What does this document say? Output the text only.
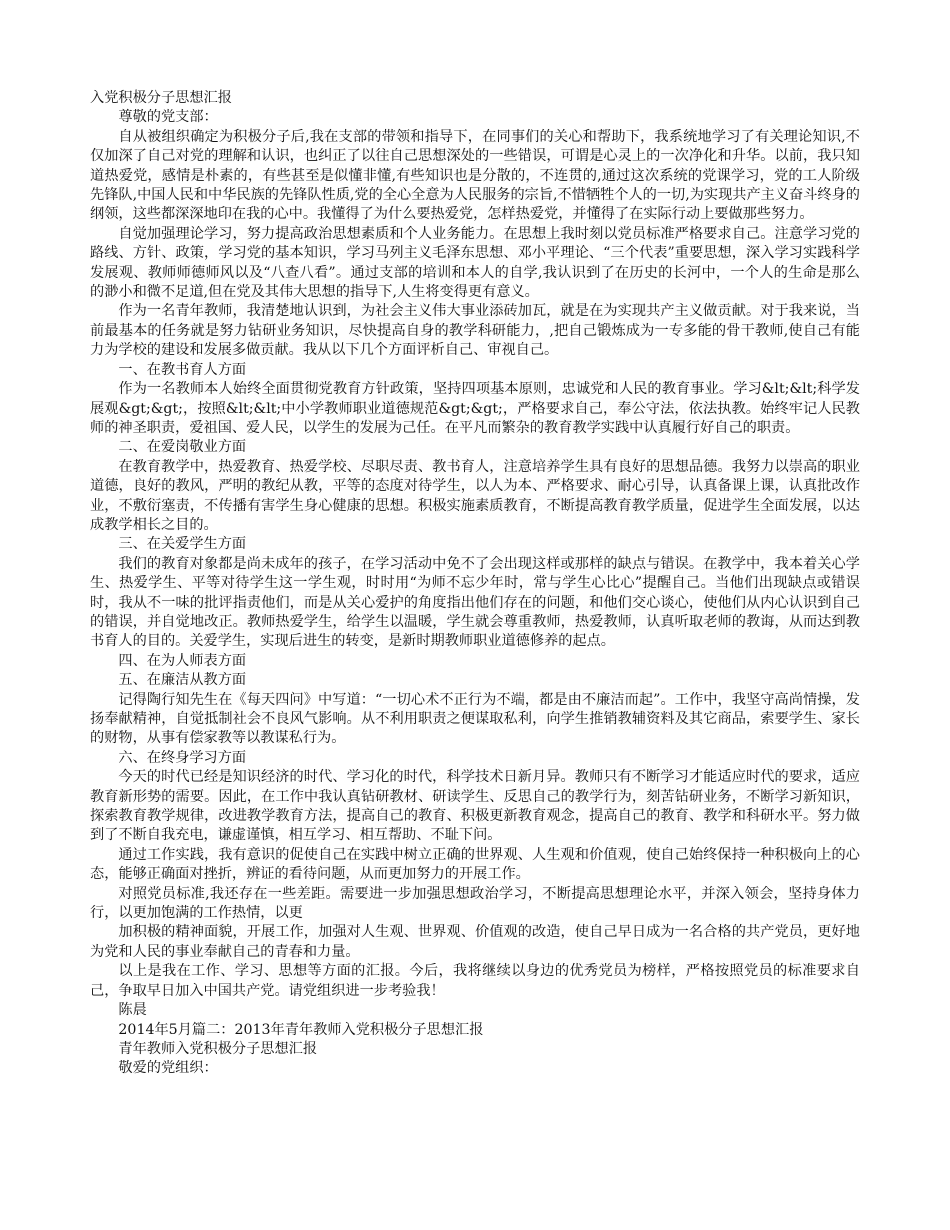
入党积极分子思想汇报
尊敬的党支部：
自从被组织确定为积极分子后,我在支部的带领和指导下，在同事们的关心和帮助下，我系统地学习了有关理论知识,不仅加深了自己对党的理解和认识，也纠正了以往自己思想深处的一些错误，可谓是心灵上的一次净化和升华。以前，我只知道热爱党，感情是朴素的，有些甚至是似懂非懂,有些知识也是分散的，不连贯的,通过这次系统的党课学习，党的工人阶级先锋队,中国人民和中华民族的先锋队性质,党的全心全意为人民服务的宗旨,不惜牺牲个人的一切,为实现共产主义奋斗终身的纲领，这些都深深地印在我的心中。我懂得了为什么要热爱党，怎样热爱党，并懂得了在实际行动上要做那些努力。
自觉加强理论学习，努力提高政治思想素质和个人业务能力。在思想上我时刻以党员标准严格要求自己。注意学习党的路线、方针、政策，学习党的基本知识，学习马列主义毛泽东思想、邓小平理论、“三个代表”重要思想，深入学习实践科学发展观、教师师德师风以及“八查八看”。通过支部的培训和本人的自学,我认识到了在历史的长河中，一个人的生命是那么的渺小和微不足道,但在党及其伟大思想的指导下,人生将变得更有意义。
作为一名青年教师，我清楚地认识到，为社会主义伟大事业添砖加瓦，就是在为实现共产主义做贡献。对于我来说，当前最基本的任务就是努力钻研业务知识，尽快提高自身的教学科研能力，,把自己锻炼成为一专多能的骨干教师,使自己有能力为学校的建设和发展多做贡献。我从以下几个方面评析自己、审视自己。
一、在教书育人方面
作为一名教师本人始终全面贯彻党教育方针政策，坚持四项基本原则，忠诚党和人民的教育事业。学习&lt;&lt;科学发展观&gt;&gt;，按照&lt;&lt;中小学教师职业道德规范&gt;&gt;，严格要求自己，奉公守法，依法执教。始终牢记人民教师的神圣职责，爱祖国、爱人民，以学生的发展为己任。在平凡而繁杂的教育教学实践中认真履行好自己的职责。
二、在爱岗敬业方面
在教育教学中，热爱教育、热爱学校、尽职尽责、教书育人，注意培养学生具有良好的思想品德。我努力以崇高的职业道德，良好的教风，严明的教纪从教，平等的态度对待学生，以人为本、严格要求、耐心引导，认真备课上课，认真批改作业，不敷衍塞责，不传播有害学生身心健康的思想。积极实施素质教育，不断提高教育教学质量，促进学生全面发展，以达成教学相长之目的。
三、在关爱学生方面
我们的教育对象都是尚未成年的孩子，在学习活动中免不了会出现这样或那样的缺点与错误。在教学中，我本着关心学生、热爱学生、平等对待学生这一学生观，时时用“为师不忘少年时，常与学生心比心”提醒自己。当他们出现缺点或错误时，我从不一味的批评指责他们，而是从关心爱护的角度指出他们存在的问题，和他们交心谈心，使他们从内心认识到自己的错误，并自觉地改正。教师热爱学生，给学生以温暖，学生就会尊重教师，热爱教师，认真听取老师的教诲，从而达到教书育人的目的。关爱学生，实现后进生的转变，是新时期教师职业道德修养的起点。
四、在为人师表方面
五、在廉洁从教方面
记得陶行知先生在《每天四问》中写道：“一切心术不正行为不端，都是由不廉洁而起”。工作中，我坚守高尚情操，发扬奉献精神，自觉抵制社会不良风气影响。从不利用职责之便谋取私利，向学生推销教辅资料及其它商品，索要学生、家长的财物，从事有偿家教等以教谋私行为。
六、在终身学习方面
今天的时代已经是知识经济的时代、学习化的时代，科学技术日新月异。教师只有不断学习才能适应时代的要求，适应教育新形势的需要。因此，在工作中我认真钻研教材、研读学生、反思自己的教学行为，刻苦钻研业务，不断学习新知识，探索教育教学规律，改进教学教育方法，提高自己的教育、积极更新教育观念，提高自己的教育、教学和科研水平。努力做到了不断自我充电，谦虚谨慎，相互学习、相互帮助、不耻下问。
通过工作实践，我有意识的促使自己在实践中树立正确的世界观、人生观和价值观，使自己始终保持一种积极向上的心态，能够正确面对挫折，辨证的看待问题，从而更加努力的开展工作。
对照党员标准,我还存在一些差距。需要进一步加强思想政治学习，不断提高思想理论水平，并深入领会，坚持身体力行，以更加饱满的工作热情，以更
加积极的精神面貌，开展工作，加强对人生观、世界观、价值观的改造，使自己早日成为一名合格的共产党员，更好地为党和人民的事业奉献自己的青春和力量。
以上是我在工作、学习、思想等方面的汇报。今后，我将继续以身边的优秀党员为榜样，严格按照党员的标准要求自己，争取早日加入中国共产党。请党组织进一步考验我！
陈晨
2014年5月篇二：2013年青年教师入党积极分子思想汇报
青年教师入党积极分子思想汇报
敬爱的党组织：
